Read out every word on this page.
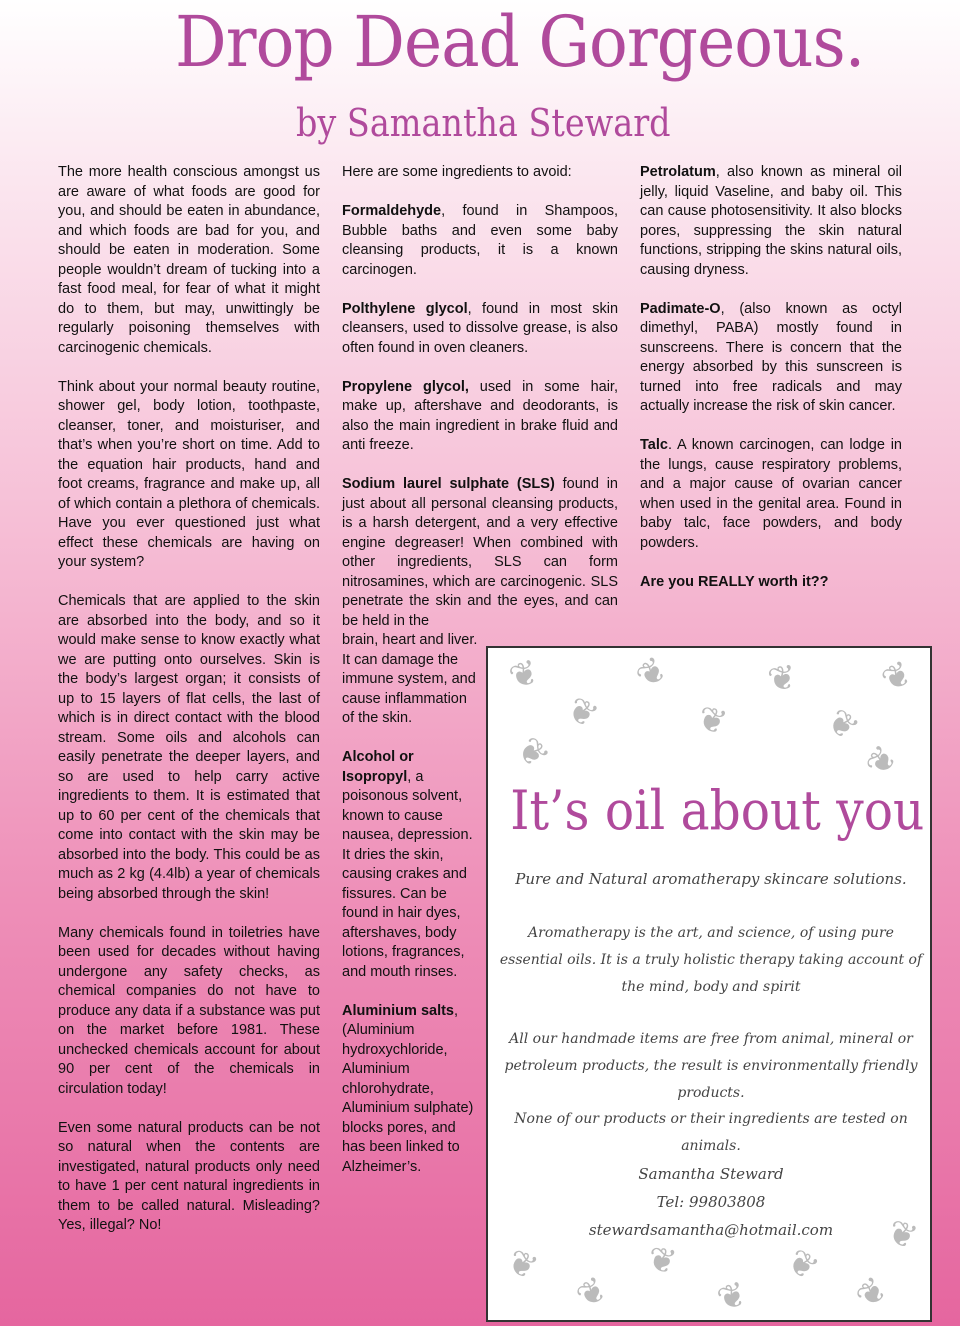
Drop Dead Gorgeous.
by Samantha Steward

The more health conscious amongst us are aware of what foods are good for you, and should be eaten in abundance, and which foods are bad for you, and should be eaten in moderation. Some people wouldn’t dream of tucking into a fast food meal, for fear of what it might do to them, but may, unwittingly be regularly poisoning themselves with carcinogenic chemicals.

Think about your normal beauty routine, shower gel, body lotion, toothpaste, cleanser, toner, and moisturiser, and that’s when you’re short on time. Add to the equation hair products, hand and foot creams, fragrance and make up, all of which contain a plethora of chemicals. Have you ever questioned just what effect these chemicals are having on your system?

Chemicals that are applied to the skin are absorbed into the body, and so it would make sense to know exactly what we are putting onto ourselves. Skin is the body’s largest organ; it consists of up to 15 layers of flat cells, the last of which is in direct contact with the blood stream. Some oils and alcohols can easily penetrate the deeper layers, and so are used to help carry active ingredients to them. It is estimated that up to 60 per cent of the chemicals that come into contact with the skin may be absorbed into the body. This could be as much as 2 kg (4.4lb) a year of chemicals being absorbed through the skin!

Many chemicals found in toiletries have been used for decades without having undergone any safety checks, as chemical companies do not have to produce any data if a substance was put on the market before 1981. These unchecked chemicals account for about 90 per cent of the chemicals in circulation today!

Even some natural products can be not so natural when the contents are investigated, natural products only need to have 1 per cent natural ingredients in them to be called natural. Misleading? Yes, illegal? No!

Here are some ingredients to avoid:

Formaldehyde, found in Shampoos, Bubble baths and even some baby cleansing products, it is a known carcinogen.

Polthylene glycol, found in most skin cleansers, used to dissolve grease, is also often found in oven cleaners.

Propylene glycol, used in some hair, make up, aftershave and deodorants, is also the main ingredient in brake fluid and anti freeze.

Sodium laurel sulphate (SLS) found in just about all personal cleansing products, is a harsh detergent, and a very effective engine degreaser! When combined with other ingredients, SLS can form nitrosamines, which are carcinogenic. SLS penetrate the skin and the eyes, and can be held in the

brain, heart and liver. It can damage the immune system, and cause inflammation of the skin.

Alcohol or Isopropyl, a poisonous solvent, known to cause nausea, depression. It dries the skin, causing crakes and fissures. Can be found in hair dyes, aftershaves, body lotions, fragrances, and mouth rinses.

Aluminium salts, (Aluminium hydroxychloride, Aluminium chlorohydrate, Aluminium sulphate) blocks pores, and has been linked to Alzheimer’s.

Petrolatum, also known as mineral oil jelly, liquid Vaseline, and baby oil. This can cause photosensitivity. It also blocks pores, suppressing the skin natural functions, stripping the skins natural oils, causing dryness.

Padimate-O, (also known as octyl dimethyl, PABA) mostly found in sunscreens. There is concern that the energy absorbed by this sunscreen is turned into free radicals and may actually increase the risk of skin cancer.

Talc. A known carcinogen, can lodge in the lungs, cause respiratory problems, and a major cause of ovarian cancer when used in the genital area. Found in baby talc, face powders, and body powders.

Are you REALLY worth it??

❦
❦
❦
❦
❦
❦
❦
❦	❦
❦
❦
❦
❦
❦
❦
❦
It’s oil about you
Pure and Natural aromatherapy skincare solutions.
Aromatherapy is the art, and science, of using pure essential oils. It is a truly holistic therapy taking account of the mind, body and spirit
All our handmade items are free from animal, mineral or petroleum products, the result is environmentally friendly products.
None of our products or their ingredients are tested on animals.
Samantha Steward
Tel: 99803808
stewardsamantha@hotmail.com
